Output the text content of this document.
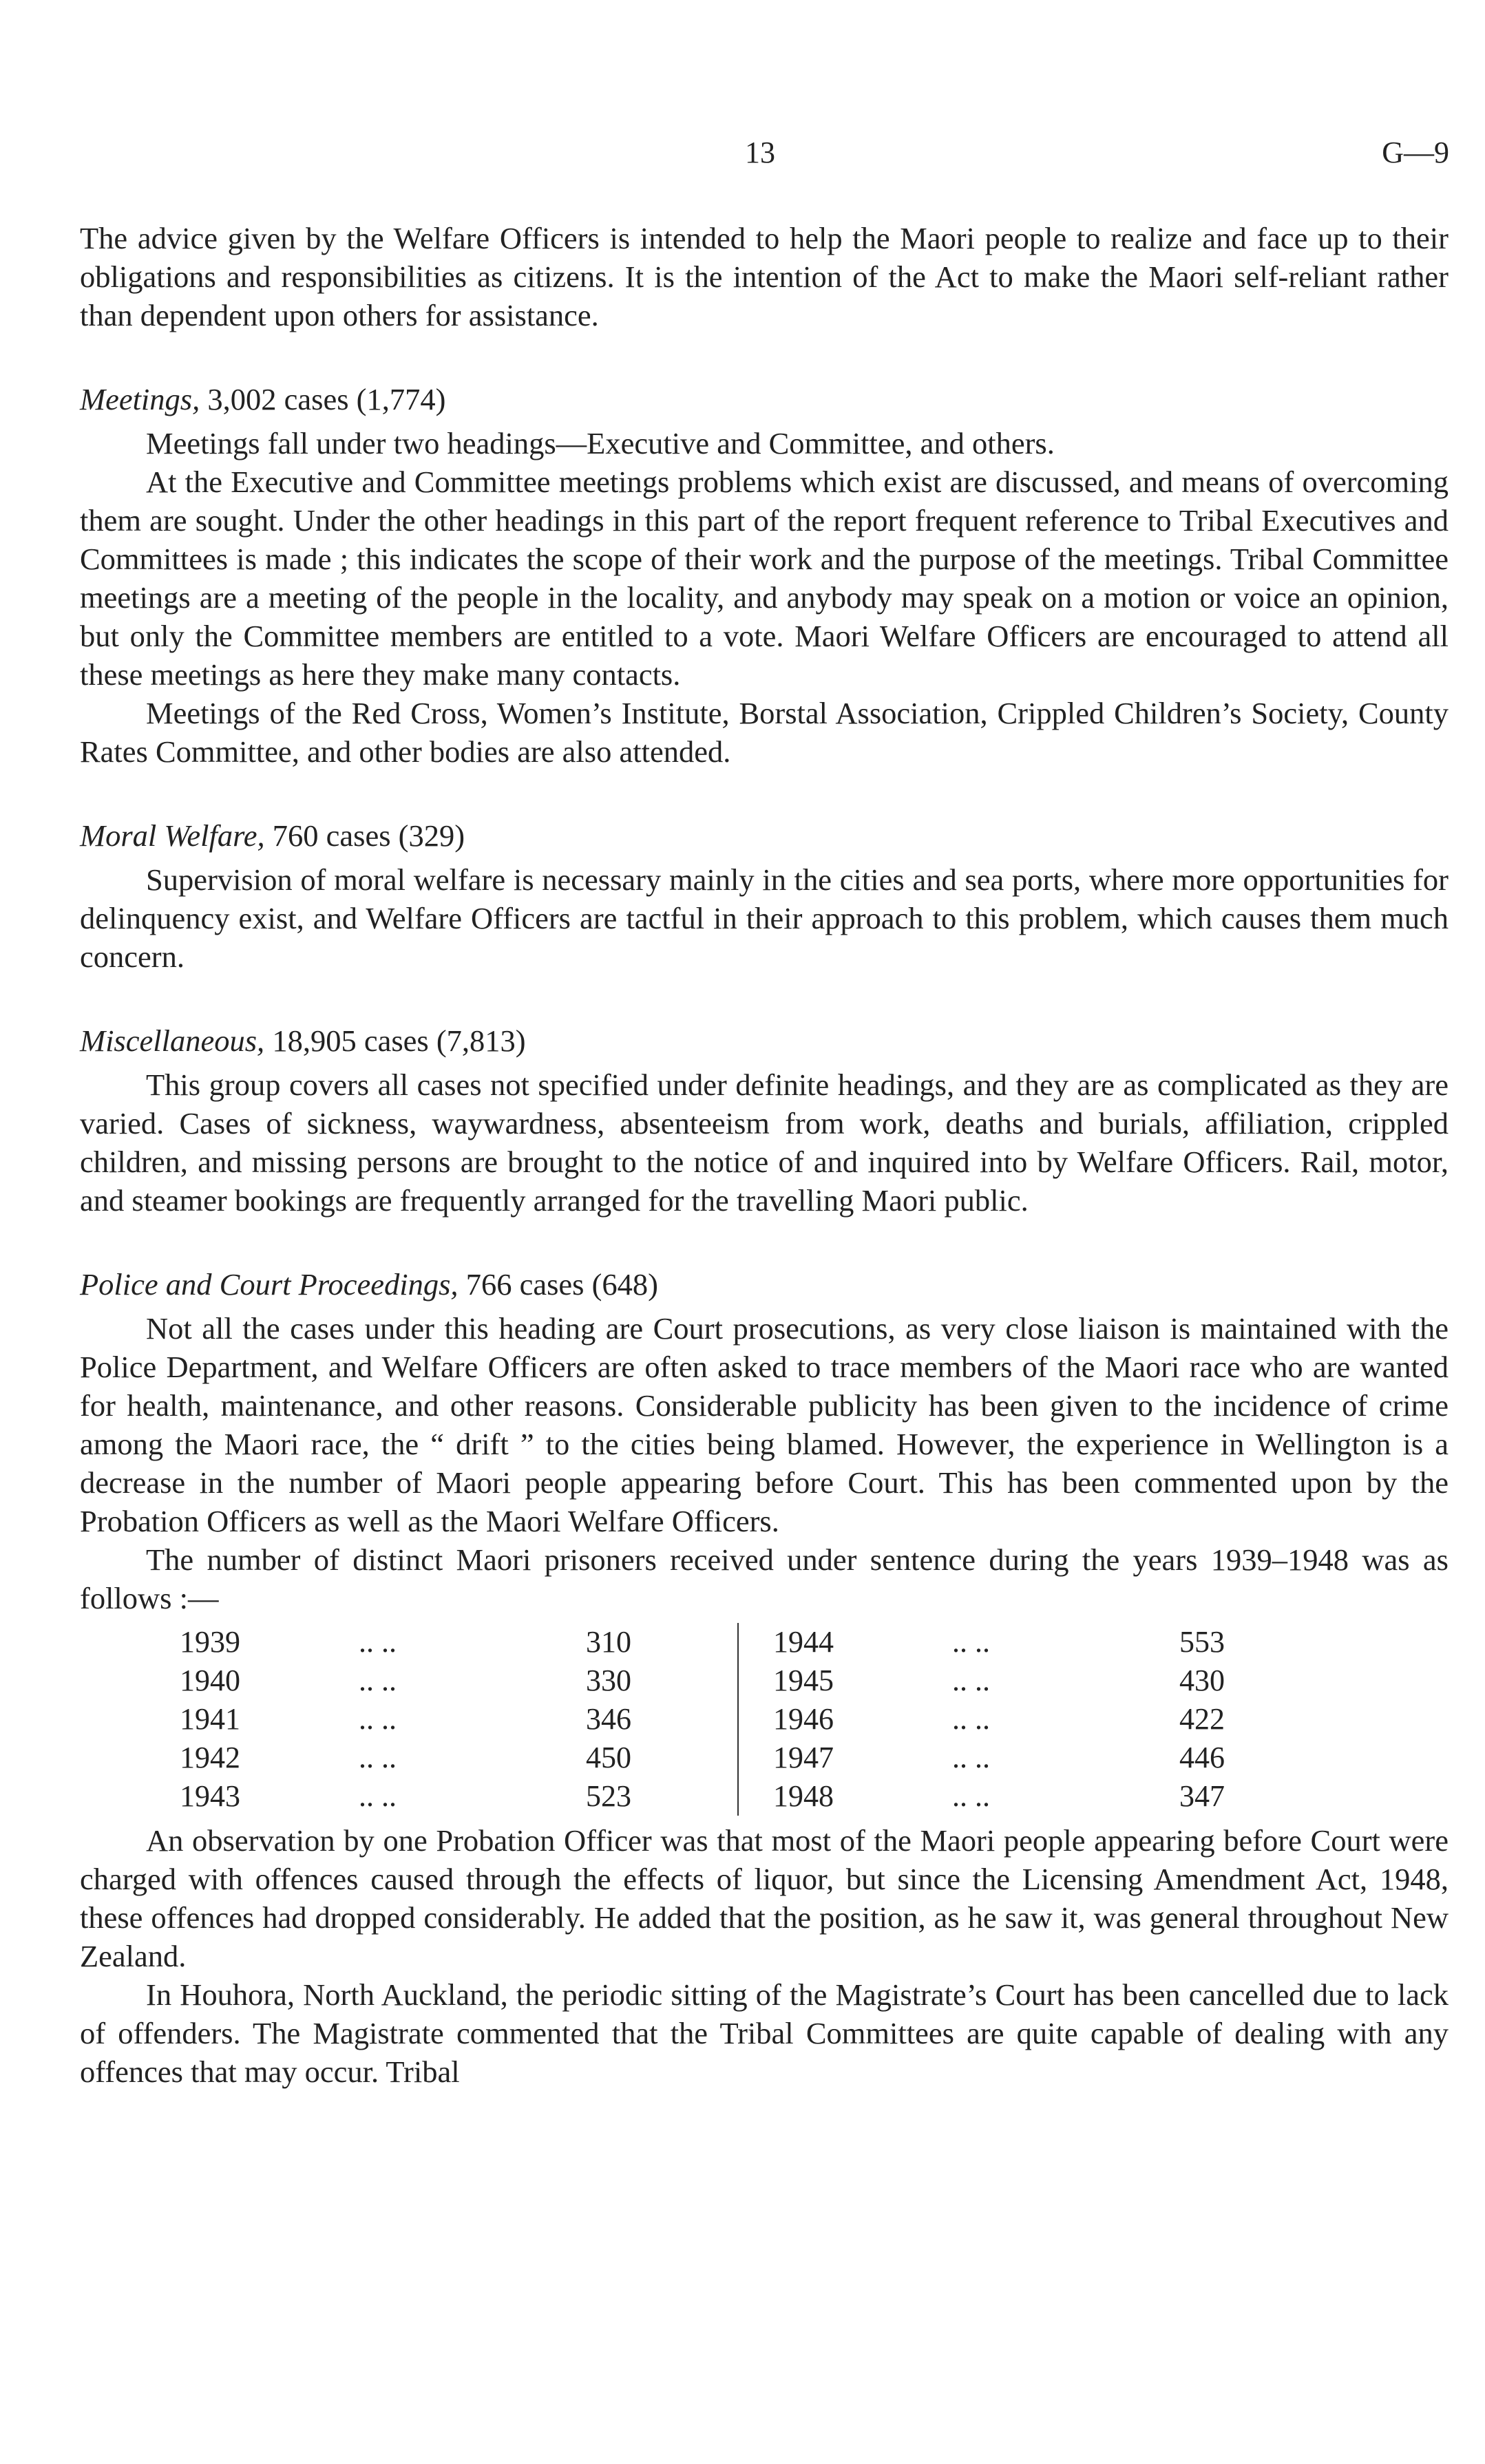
13	G—9

The advice given by the Welfare Officers is intended to help the Maori people to realize and face up to their obligations and responsibilities as citizens. It is the intention of the Act to make the Maori self-reliant rather than dependent upon others for assistance.

Meetings, 3,002 cases (1,774)

Meetings fall under two headings—Executive and Committee, and others.

At the Executive and Committee meetings problems which exist are discussed, and means of overcoming them are sought. Under the other headings in this part of the report frequent reference to Tribal Executives and Committees is made ; this indicates the scope of their work and the purpose of the meetings. Tribal Committee meetings are a meeting of the people in the locality, and anybody may speak on a motion or voice an opinion, but only the Committee members are entitled to a vote. Maori Welfare Officers are encouraged to attend all these meetings as here they make many contacts.

Meetings of the Red Cross, Women’s Institute, Borstal Association, Crippled Children’s Society, County Rates Committee, and other bodies are also attended.

Moral Welfare, 760 cases (329)

Supervision of moral welfare is necessary mainly in the cities and sea ports, where more opportunities for delinquency exist, and Welfare Officers are tactful in their approach to this problem, which causes them much concern.

Miscellaneous, 18,905 cases (7,813)

This group covers all cases not specified under definite headings, and they are as complicated as they are varied. Cases of sickness, waywardness, absenteeism from work, deaths and burials, affiliation, crippled children, and missing persons are brought to the notice of and inquired into by Welfare Officers. Rail, motor, and steamer bookings are frequently arranged for the travelling Maori public.

Police and Court Proceedings, 766 cases (648)

Not all the cases under this heading are Court prosecutions, as very close liaison is maintained with the Police Department, and Welfare Officers are often asked to trace members of the Maori race who are wanted for health, maintenance, and other reasons. Considerable publicity has been given to the incidence of crime among the Maori race, the “ drift ” to the cities being blamed. However, the experience in Wellington is a decrease in the number of Maori people appearing before Court. This has been commented upon by the Probation Officers as well as the Maori Welfare Officers.

The number of distinct Maori prisoners received under sentence during the years 1939–1948 was as follows :—

1939	.. ..	310		1944	.. ..	553
1940	.. ..	330		1945	.. ..	430
1941	.. ..	346		1946	.. ..	422
1942	.. ..	450		1947	.. ..	446
1943	.. ..	523		1948	.. ..	347

An observation by one Probation Officer was that most of the Maori people appearing before Court were charged with offences caused through the effects of liquor, but since the Licensing Amendment Act, 1948, these offences had dropped considerably. He added that the position, as he saw it, was general throughout New Zealand.

In Houhora, North Auckland, the periodic sitting of the Magistrate’s Court has been cancelled due to lack of offenders. The Magistrate commented that the Tribal Committees are quite capable of dealing with any offences that may occur. Tribal
